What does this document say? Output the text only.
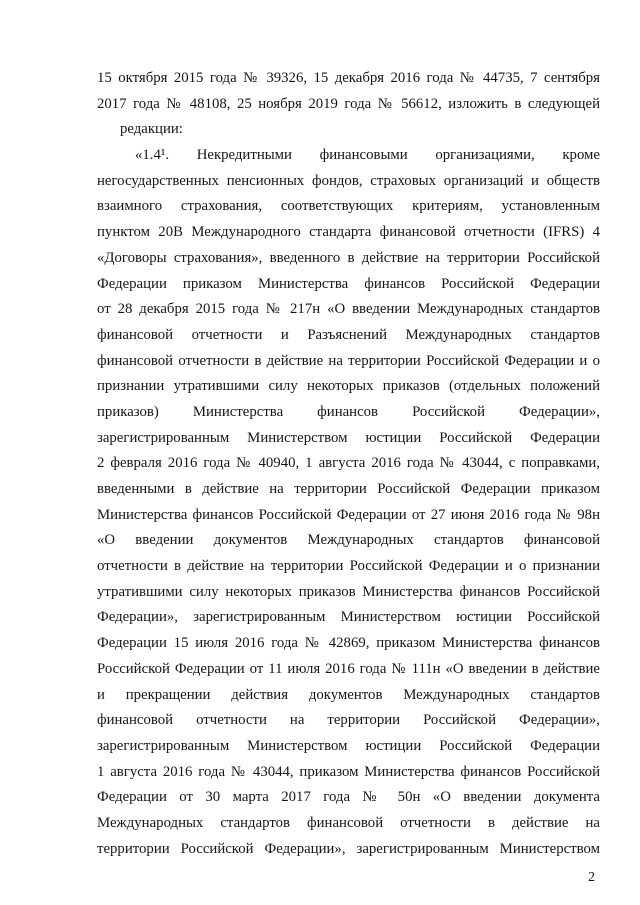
15 октября 2015 года № 39326, 15 декабря 2016 года № 44735, 7 сентября
2017 года № 48108, 25 ноября 2019 года № 56612, изложить в следующей
редакции:
«1.4¹. Некредитными финансовыми организациями, кроме
негосударственных пенсионных фондов, страховых организаций и обществ
взаимного страхования, соответствующих критериям, установленным
пунктом 20В Международного стандарта финансовой отчетности (IFRS) 4
«Договоры страхования», введенного в действие на территории Российской
Федерации приказом Министерства финансов Российской Федерации
от 28 декабря 2015 года № 217н «О введении Международных стандартов
финансовой отчетности и Разъяснений Международных стандартов
финансовой отчетности в действие на территории Российской Федерации и о
признании утратившими силу некоторых приказов (отдельных положений
приказов) Министерства финансов Российской Федерации»,
зарегистрированным Министерством юстиции Российской Федерации
2 февраля 2016 года № 40940, 1 августа 2016 года № 43044, с поправками,
введенными в действие на территории Российской Федерации приказом
Министерства финансов Российской Федерации от 27 июня 2016 года № 98н
«О введении документов Международных стандартов финансовой
отчетности в действие на территории Российской Федерации и о признании
утратившими силу некоторых приказов Министерства финансов Российской
Федерации», зарегистрированным Министерством юстиции Российской
Федерации 15 июля 2016 года № 42869, приказом Министерства финансов
Российской Федерации от 11 июля 2016 года № 111н «О введении в действие
и прекращении действия документов Международных стандартов
финансовой отчетности на территории Российской Федерации»,
зарегистрированным Министерством юстиции Российской Федерации
1 августа 2016 года № 43044, приказом Министерства финансов Российской
Федерации от 30 марта 2017 года № 50н «О введении документа
Международных стандартов финансовой отчетности в действие на
территории Российской Федерации», зарегистрированным Министерством
2
